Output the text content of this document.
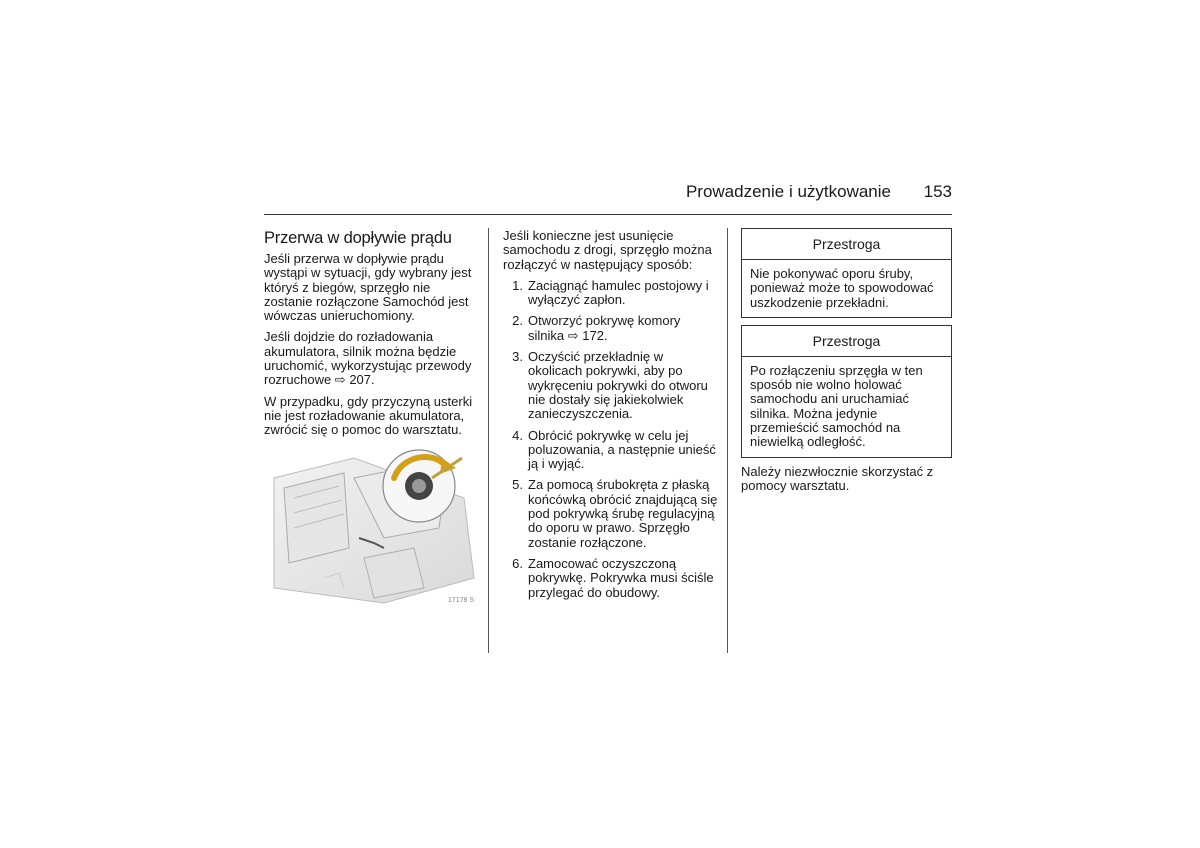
Prowadzenie i użytkowanie 153
Przerwa w dopływie prądu

Jeśli przerwa w dopływie prądu wystąpi w sytuacji, gdy wybrany jest któryś z biegów, sprzęgło nie zostanie rozłączone Samochód jest wówczas unieruchomiony.

Jeśli dojdzie do rozładowania akumulatora, silnik można będzie uruchomić, wykorzystując przewody rozruchowe ⇨ 207.

W przypadku, gdy przyczyną usterki nie jest rozładowanie akumulatora, zwrócić się o pomoc do warsztatu.

17178 S

Jeśli konieczne jest usunięcie samochodu z drogi, sprzęgło można rozłączyć w następujący sposób:

1. Zaciągnąć hamulec postojowy i wyłączyć zapłon.
2. Otworzyć pokrywę komory silnika ⇨ 172.
3. Oczyścić przekładnię w okolicach pokrywki, aby po wykręceniu pokrywki do otworu nie dostały się jakiekolwiek zanieczyszczenia.
4. Obrócić pokrywkę w celu jej poluzowania, a następnie unieść ją i wyjąć.
5. Za pomocą śrubokręta z płaską końcówką obrócić znajdującą się pod pokrywką śrubę regulacyjną do oporu w prawo. Sprzęgło zostanie rozłączone.
6. Zamocować oczyszczoną pokrywkę. Pokrywka musi ściśle przylegać do obudowy.
Przestroga
Nie pokonywać oporu śruby, ponieważ może to spowodować uszkodzenie przekładni.
Przestroga
Po rozłączeniu sprzęgła w ten sposób nie wolno holować samochodu ani uruchamiać silnika. Można jedynie przemieścić samochód na niewielką odległość.

Należy niezwłocznie skorzystać z pomocy warsztatu.
